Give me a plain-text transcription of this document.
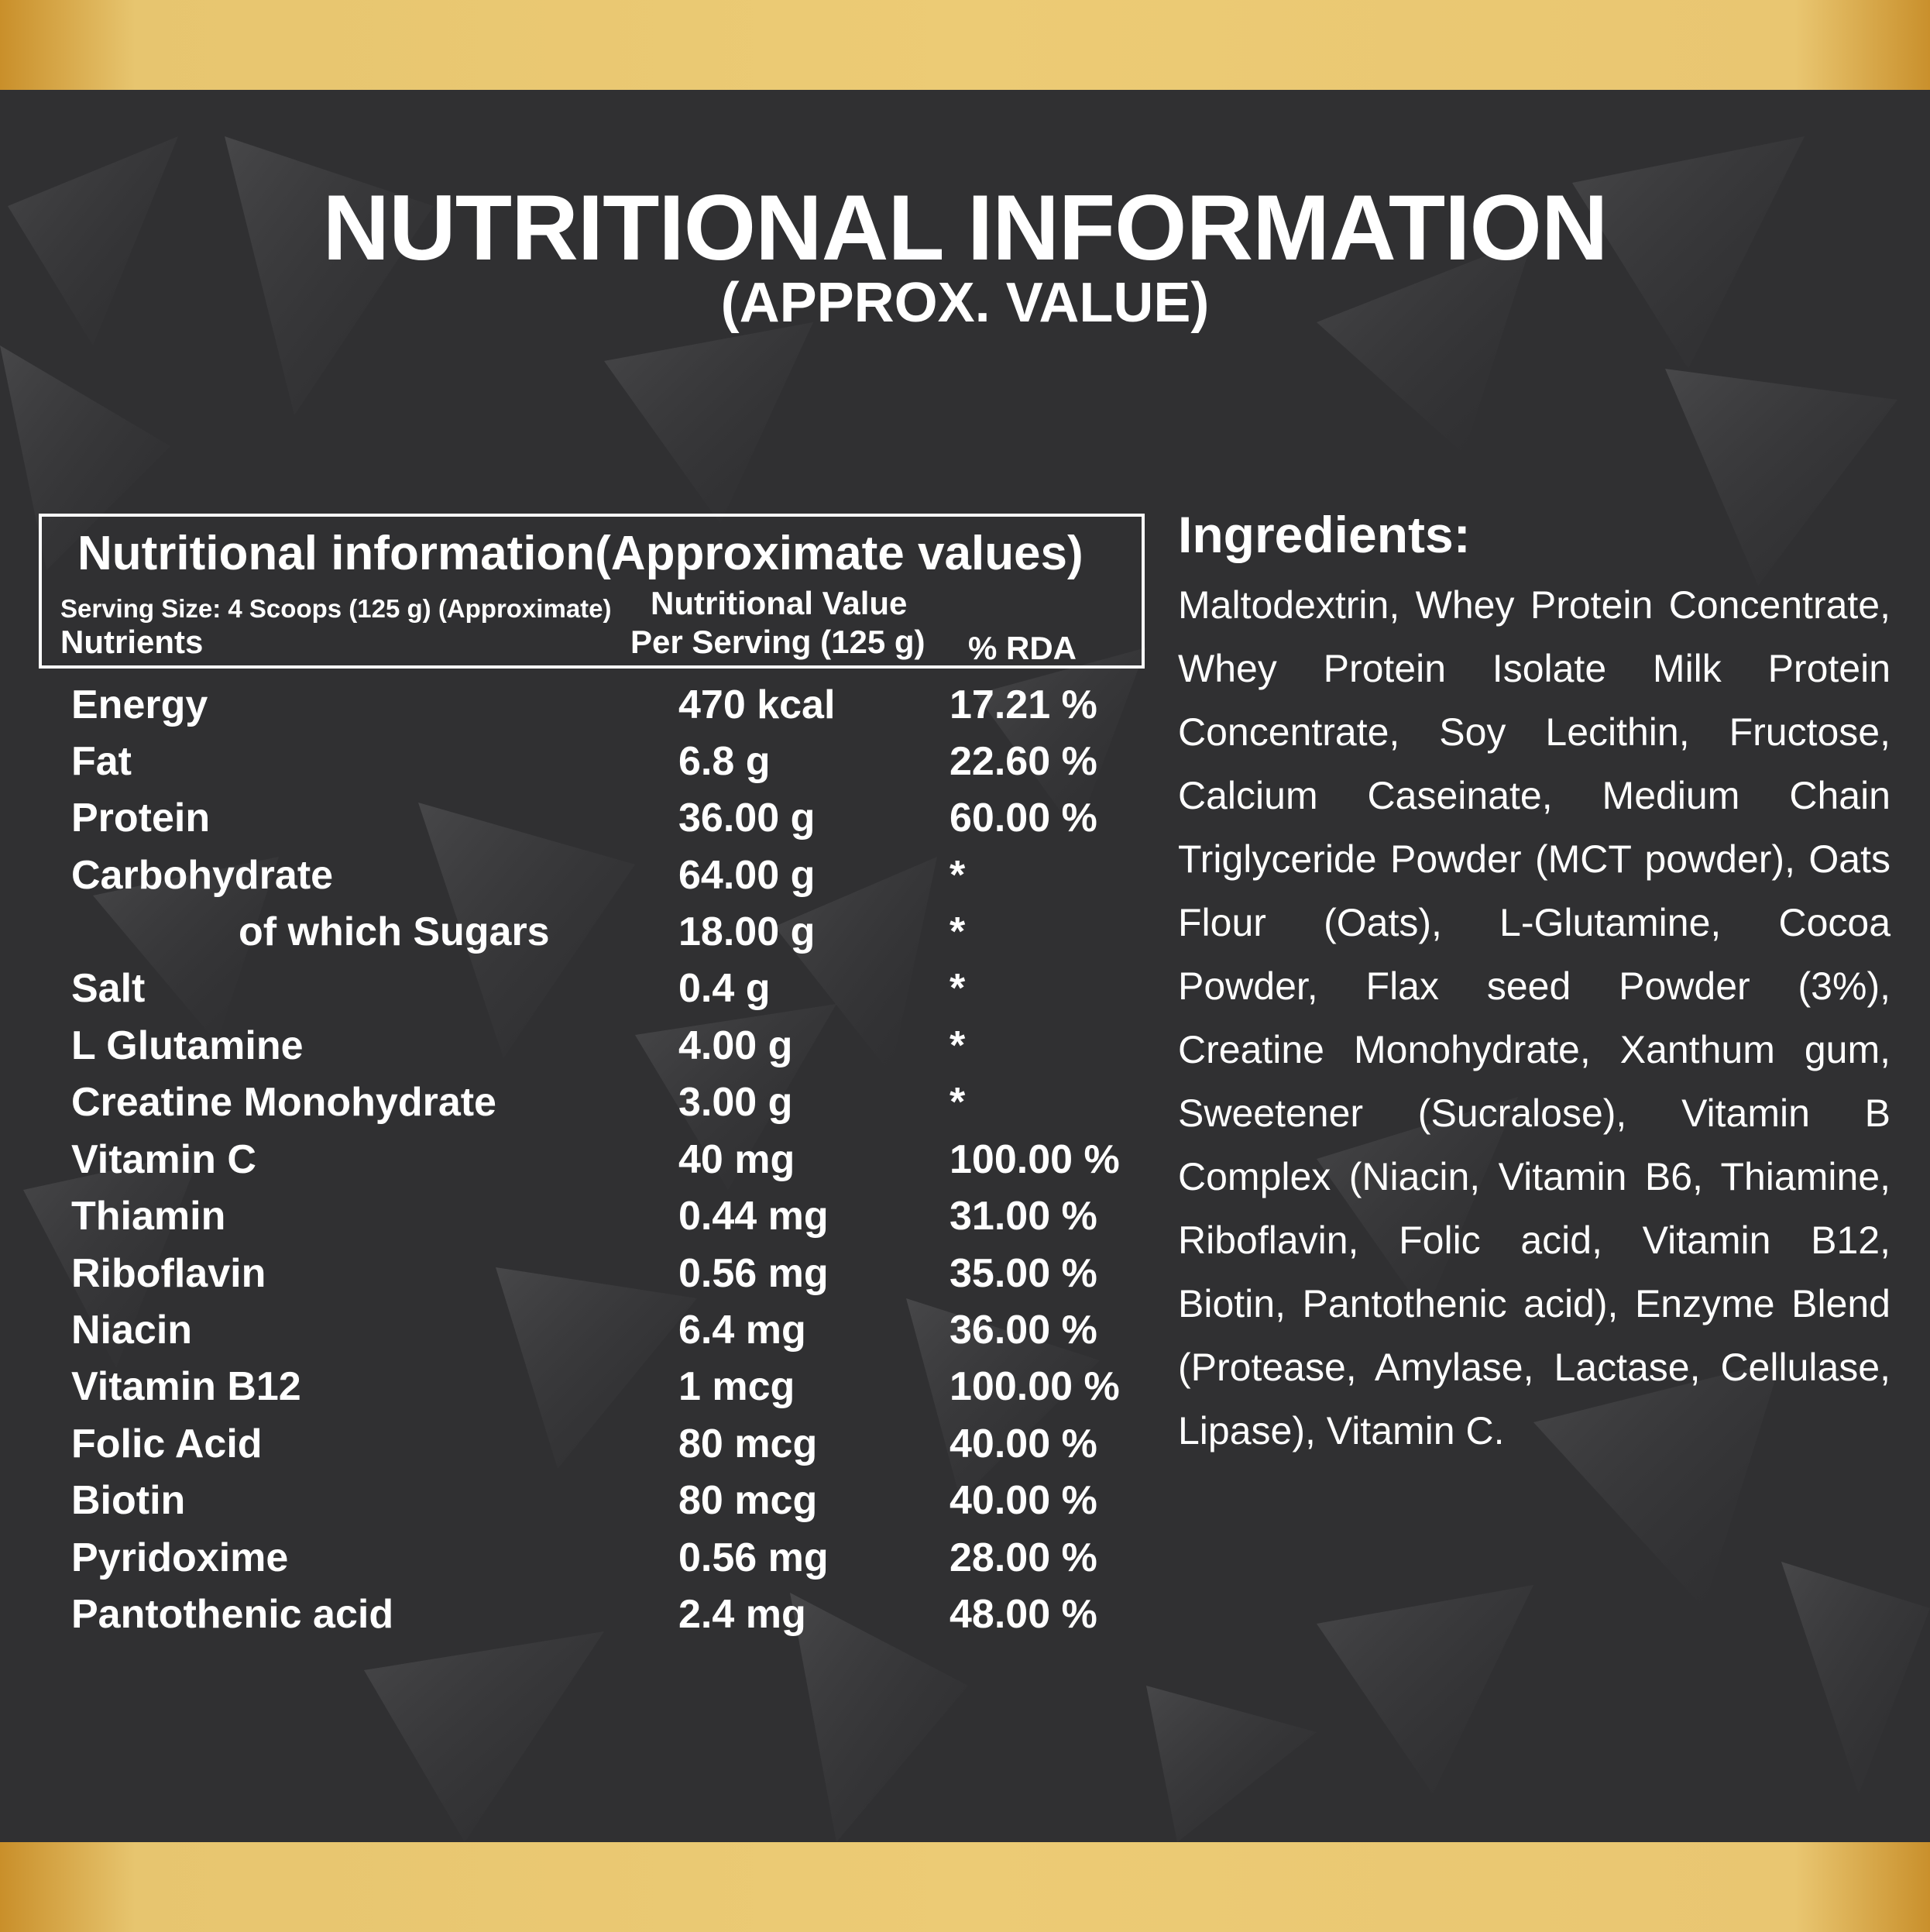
NUTRITIONAL INFORMATION
(APPROX. VALUE)
Nutritional information(Approximate values)
Serving Size: 4 Scoops (125 g) (Approximate)
Nutrients
Nutritional Value
Per Serving (125 g) % RDA
Energy	470 kcal	17.21 %
Fat	6.8 g	22.60 %
Protein	36.00 g	60.00 %
Carbohydrate	64.00 g	*
of which Sugars	18.00 g	*
Salt	0.4 g	*
L Glutamine	4.00 g	*
Creatine Monohydrate	3.00 g	*
Vitamin C	40 mg	100.00 %
Thiamin	0.44 mg	31.00 %
Riboflavin	0.56 mg	35.00 %
Niacin	6.4 mg	36.00 %
Vitamin B12	1 mcg	100.00 %
Folic Acid	80 mcg	40.00 %
Biotin	80 mcg	40.00 %
Pyridoxime	0.56 mg	28.00 %
Pantothenic acid	2.4 mg	48.00 %
Ingredients:
Maltodextrin, Whey Protein Concentrate, Whey Protein Isolate Milk Protein Concentrate, Soy Lecithin, Fructose, Calcium Caseinate, Medium Chain Triglyceride Powder (MCT powder), Oats Flour (Oats), L-Glutamine, Cocoa Powder, Flax seed Powder (3%), Creatine Monohydrate, Xanthum gum, Sweetener (Sucralose), Vitamin B Complex (Niacin, Vitamin B6, Thiamine, Riboflavin, Folic acid, Vitamin B12, Biotin, Pantothenic acid), Enzyme Blend (Protease, Amylase, Lactase, Cellulase, Lipase), Vitamin C.
